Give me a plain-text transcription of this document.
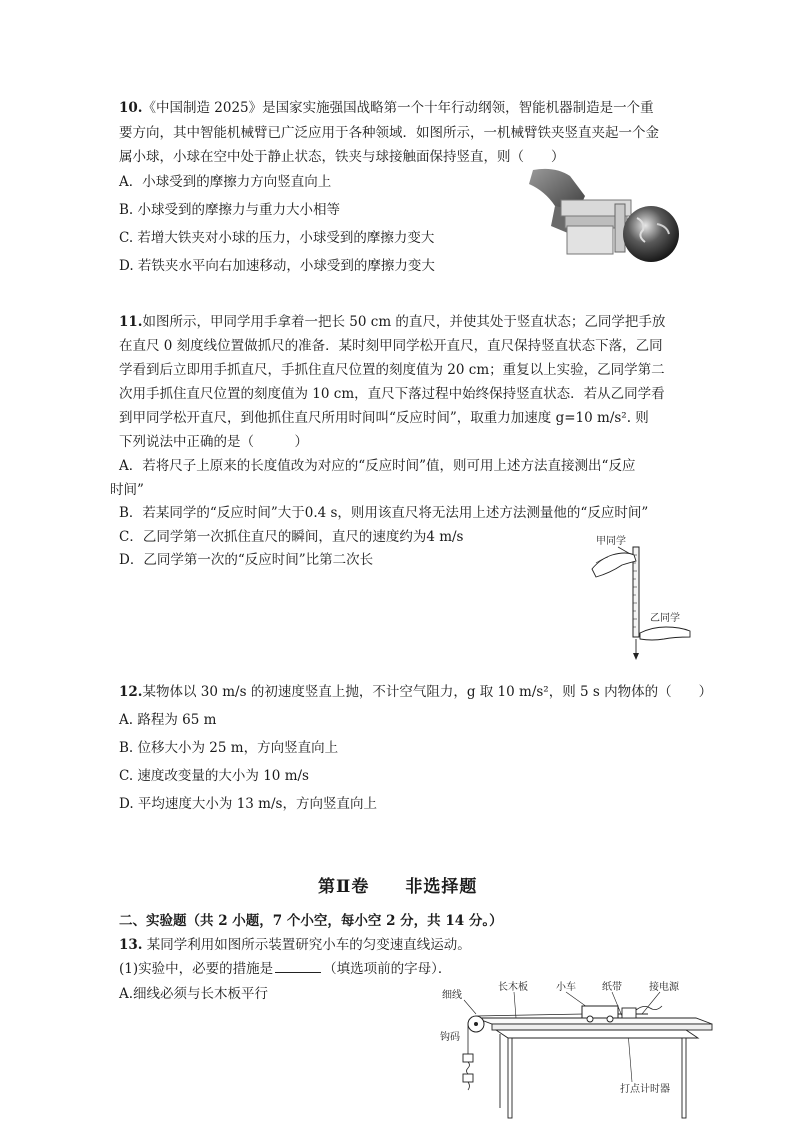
10.《中国制造 2025》是国家实施强国战略第一个十年行动纲领，智能机器制造是一个重
要方向，其中智能机械臂已广泛应用于各种领域．如图所示，一机械臂铁夹竖直夹起一个金
属小球，小球在空中处于静止状态，铁夹与球接触面保持竖直，则（　　）
A．小球受到的摩擦力方向竖直向上
B. 小球受到的摩擦力与重力大小相等
C. 若增大铁夹对小球的压力，小球受到的摩擦力变大
D. 若铁夹水平向右加速移动，小球受到的摩擦力变大
11.如图所示，甲同学用手拿着一把长 50 cm 的直尺，并使其处于竖直状态；乙同学把手放
在直尺 0 刻度线位置做抓尺的准备．某时刻甲同学松开直尺，直尺保持竖直状态下落，乙同
学看到后立即用手抓直尺，手抓住直尺位置的刻度值为 20 cm；重复以上实验，乙同学第二
次用手抓住直尺位置的刻度值为 10 cm，直尺下落过程中始终保持竖直状态．若从乙同学看
到甲同学松开直尺，到他抓住直尺所用时间叫“反应时间”，取重力加速度 g=10 m/s². 则
下列说法中正确的是（　　　）
A．若将尺子上原来的长度值改为对应的“反应时间”值，则可用上述方法直接测出“反应
时间”
B．若某同学的“反应时间”大于0.4 s，则用该直尺将无法用上述方法测量他的“反应时间”
C．乙同学第一次抓住直尺的瞬间，直尺的速度约为4 m/s
D．乙同学第一次的“反应时间”比第二次长
甲同学
乙同学
12.某物体以 30 m/s 的初速度竖直上抛，不计空气阻力，g 取 10 m/s²，则 5 s 内物体的（　　）
A. 路程为 65 m
B. 位移大小为 25 m，方向竖直向上
C. 速度改变量的大小为 10 m/s
D. 平均速度大小为 13 m/s，方向竖直向上
第Ⅱ卷　　非选择题
二、实验题（共 2 小题，7 个小空，每小空 2 分，共 14 分。）
13. 某同学利用如图所示装置研究小车的匀变速直线运动。
(1)实验中，必要的措施是	（填选项前的字母）．
A.细线必须与长木板平行	长木板	小车	纸带	接电源
细线
钩码
打点计时器
